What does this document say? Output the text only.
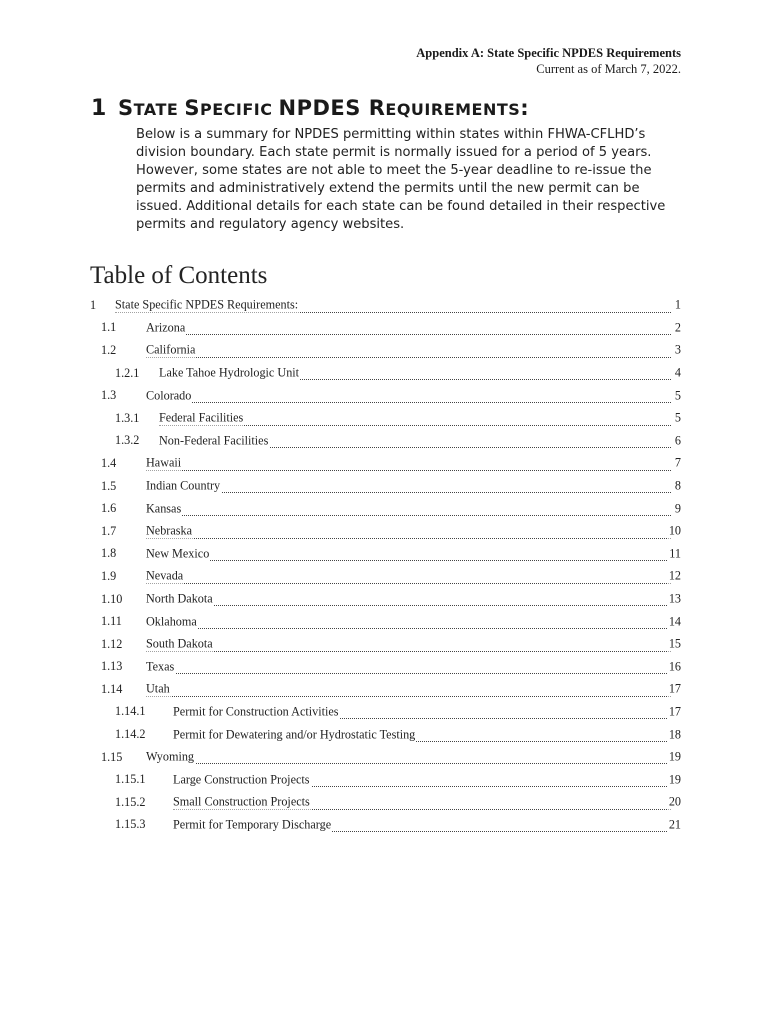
Appendix A: State Specific NPDES Requirements
Current as of March 7, 2022.
1 STATE SPECIFIC NPDES REQUIREMENTS:

Below is a summary for NPDES permitting within states within FHWA-CFLHD’s division boundary. Each state permit is normally issued for a period of 5 years. However, some states are not able to meet the 5-year deadline to re-issue the permits and administratively extend the permits until the new permit can be issued. Additional details for each state can be found detailed in their respective permits and regulatory agency websites.

Table of Contents
1 State Specific NPDES Requirements:	1
1.1 Arizona	2
1.2 California	3
1.2.1 Lake Tahoe Hydrologic Unit	4
1.3 Colorado	5
1.3.1 Federal Facilities	5
1.3.2 Non-Federal Facilities	6
1.4 Hawaii	7
1.5 Indian Country	8
1.6 Kansas	9
1.7 Nebraska	10
1.8 New Mexico	11
1.9 Nevada	12
1.10 North Dakota	13
1.11 Oklahoma	14
1.12 South Dakota	15
1.13 Texas	16
1.14 Utah	17
1.14.1 Permit for Construction Activities	17
1.14.2 Permit for Dewatering and/or Hydrostatic Testing	18
1.15 Wyoming	19
1.15.1 Large Construction Projects	19
1.15.2 Small Construction Projects	20
1.15.3 Permit for Temporary Discharge	21
